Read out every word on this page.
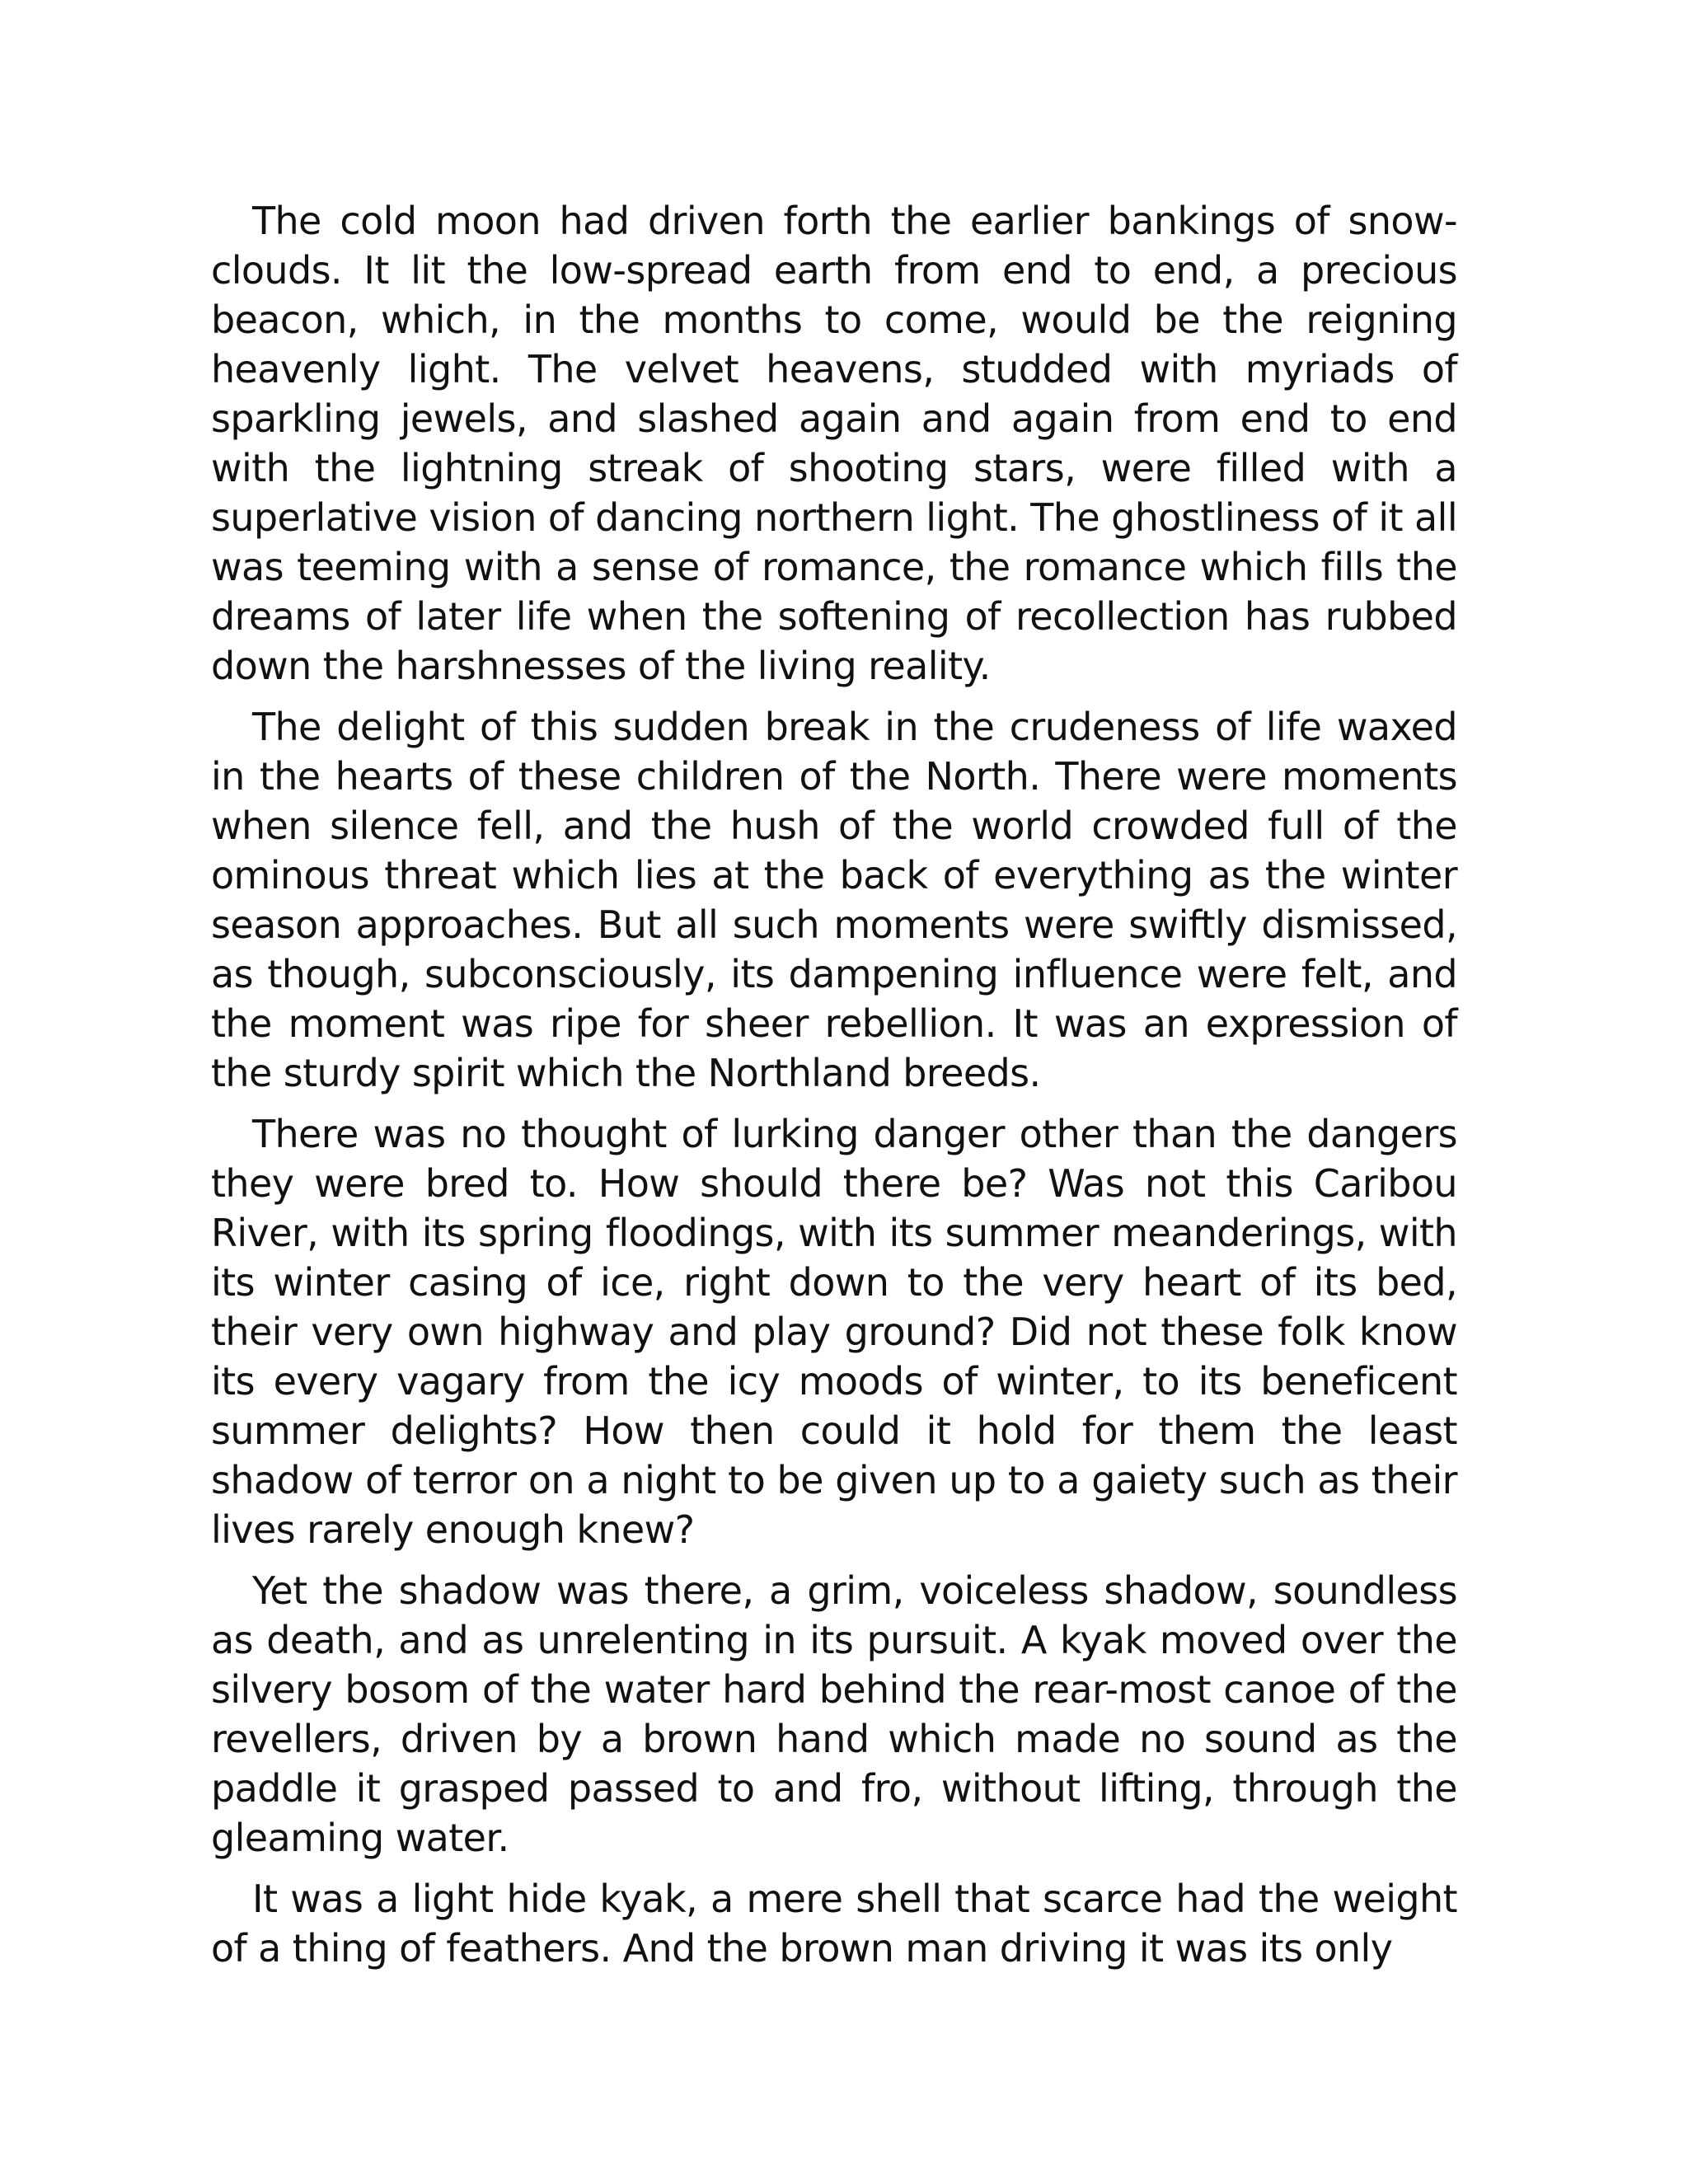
The cold moon had driven forth the earlier bankings of snow-clouds. It lit the low-spread earth from end to end, a precious beacon, which, in the months to come, would be the reigning heavenly light. The velvet heavens, studded with myriads of sparkling jewels, and slashed again and again from end to end with the lightning streak of shooting stars, were filled with a superlative vision of dancing northern light. The ghostliness of it all was teeming with a sense of romance, the romance which fills the dreams of later life when the softening of recollection has rubbed down the harshnesses of the living reality.

The delight of this sudden break in the crudeness of life waxed in the hearts of these children of the North. There were moments when silence fell, and the hush of the world crowded full of the ominous threat which lies at the back of everything as the winter season approaches. But all such moments were swiftly dismissed, as though, subconsciously, its dampening influence were felt, and the moment was ripe for sheer rebellion. It was an expression of the sturdy spirit which the Northland breeds.

There was no thought of lurking danger other than the dangers they were bred to. How should there be? Was not this Caribou River, with its spring floodings, with its summer meanderings, with its winter casing of ice, right down to the very heart of its bed, their very own highway and play ground? Did not these folk know its every vagary from the icy moods of winter, to its beneficent summer delights? How then could it hold for them the least shadow of terror on a night to be given up to a gaiety such as their lives rarely enough knew?

Yet the shadow was there, a grim, voiceless shadow, soundless as death, and as unrelenting in its pursuit. A kyak moved over the silvery bosom of the water hard behind the rear-most canoe of the revellers, driven by a brown hand which made no sound as the paddle it grasped passed to and fro, without lifting, through the gleaming water.

It was a light hide kyak, a mere shell that scarce had the weight of a thing of feathers. And the brown man driving it was its only
